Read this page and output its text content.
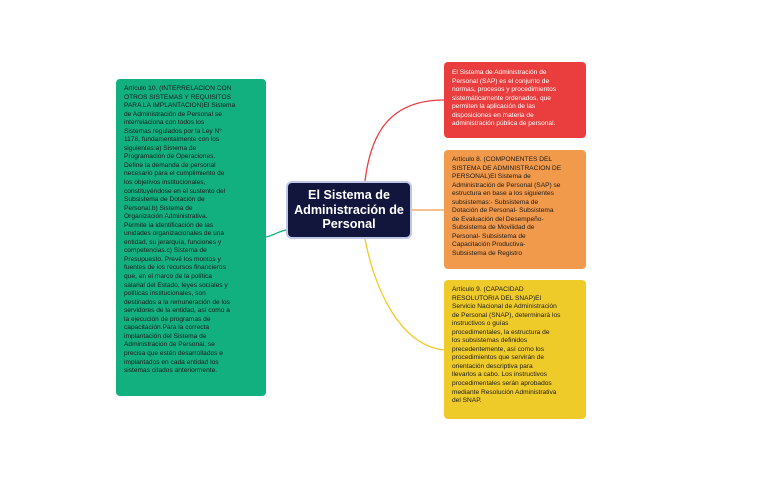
Artículo 10. (INTERRELACION CON
OTROS SISTEMAS Y REQUISITOS
PARA LA IMPLANTACION)El Sistema
de Administración de Personal se
interrelaciona con todos los
Sistemas regulados por la Ley N°
1178, fundamentalmente con los
siguientes:a) Sistema de
Programación de Operaciones.
Define la demanda de personal
necesario para el cumplimiento de
los objetivos institucionales,
constituyéndose en el sustento del
Subsistema de Dotación de
Personal.b) Sistema de
Organización Administrativa.
Permite la identificación de las
unidades organizacionales de una
entidad, su jerarquía, funciones y
competencias.c) Sistema de
Presupuesto. Prevé los montos y
fuentes de los recursos financieros
que, en el marco de la política
salarial del Estado, leyes sociales y
políticas institucionales, son
destinados a la remuneración de los
servidores de la entidad, así como a
la ejecución de programas de
capacitación.Para la correcta
implantación del Sistema de
Administración de Personal, se
precisa que estén desarrollados e
implantados en cada entidad los
sistemas citados anteriormente.
El Sistema de
Administración de
Personal
El Sistema de Administración de
Personal (SAP) es el conjunto de
normas, procesos y procedimientos
sistemáticamente ordenados, que
permiten la aplicación de las
disposiciones en materia de
administración pública de personal.
Artículo 8. (COMPONENTES DEL
SISTEMA DE ADMINISTRACION DE
PERSONAL)El Sistema de
Administración de Personal (SAP) se
estructura en base a los siguientes
subsistemas:- Subsistema de
Dotación de Personal- Subsistema
de Evaluación del Desempeño-
Subsistema de Movilidad de
Personal- Subsistema de
Capacitación Productiva-
Subsistema de Registro
Artículo 9. (CAPACIDAD
RESOLUTORIA DEL SNAP)El
Servicio Nacional de Administración
de Personal (SNAP), determinará los
instructivos o guías
procedimentales, la estructura de
los subsistemas definidos
precedentemente, así como los
procedimientos que servirán de
orientación descriptiva para
llevarlos a cabo. Los instructivos
procedimentales serán aprobados
mediante Resolución Administrativa
del SNAP.
